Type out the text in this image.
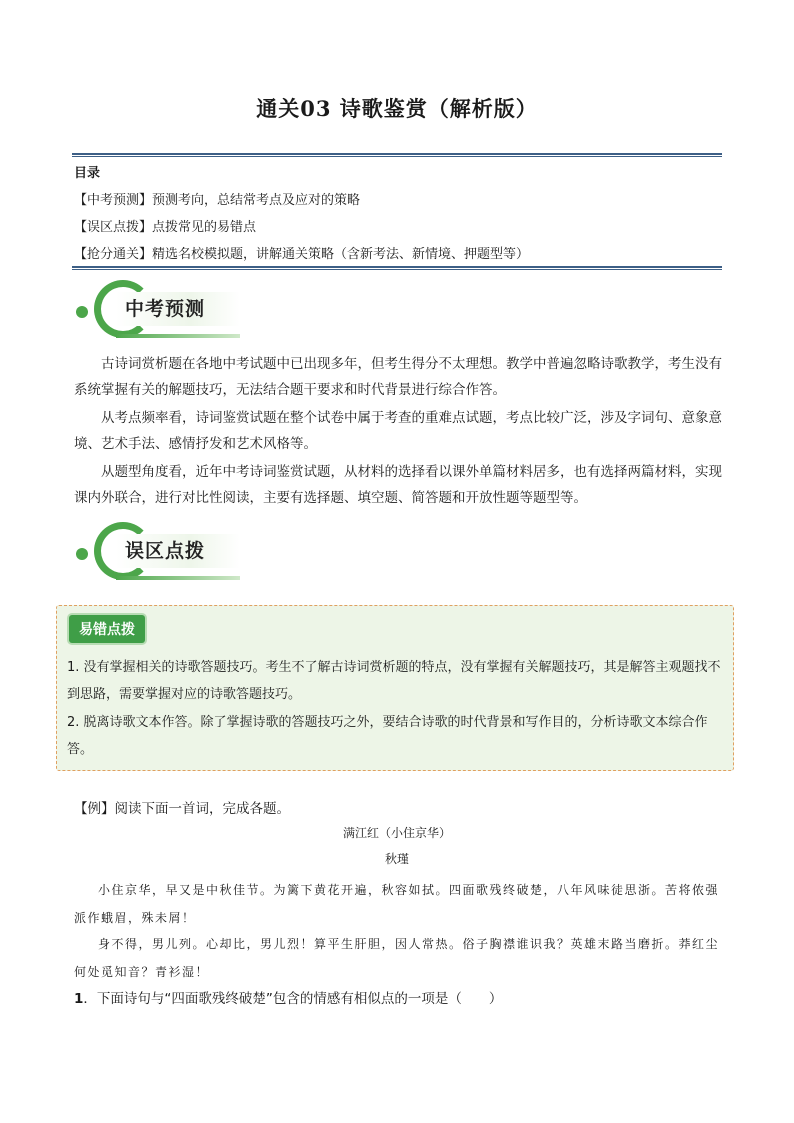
通关03 诗歌鉴赏（解析版）
目录
【中考预测】预测考向，总结常考点及应对的策略
【误区点拨】点拨常见的易错点
【抢分通关】精选名校模拟题，讲解通关策略（含新考法、新情境、押题型等）
中考预测

古诗词赏析题在各地中考试题中已出现多年，但考生得分不太理想。教学中普遍忽略诗歌教学，考生没有系统掌握有关的解题技巧，无法结合题干要求和时代背景进行综合作答。

从考点频率看，诗词鉴赏试题在整个试卷中属于考查的重难点试题，考点比较广泛，涉及字词句、意象意境、艺术手法、感情抒发和艺术风格等。

从题型角度看，近年中考诗词鉴赏试题，从材料的选择看以课外单篇材料居多，也有选择两篇材料，实现课内外联合，进行对比性阅读，主要有选择题、填空题、简答题和开放性题等题型等。

误区点拨
易错点拨
1. 没有掌握相关的诗歌答题技巧。考生不了解古诗词赏析题的特点，没有掌握有关解题技巧，其是解答主观题找不到思路，需要掌握对应的诗歌答题技巧。
2. 脱离诗歌文本作答。除了掌握诗歌的答题技巧之外，要结合诗歌的时代背景和写作目的，分析诗歌文本综合作答。
【例】阅读下面一首词，完成各题。
满江红（小住京华）
秋瑾
小住京华，早又是中秋佳节。为篱下黄花开遍，秋容如拭。四面歌残终破楚，八年风味徒思浙。苦将侬强派作蛾眉，殊未屑！
身不得，男儿列。心却比，男儿烈！算平生肝胆，因人常热。俗子胸襟谁识我？英雄末路当磨折。莽红尘何处觅知音？青衫湿！
1．下面诗句与“四面歌残终破楚”包含的情感有相似点的一项是（　　）
